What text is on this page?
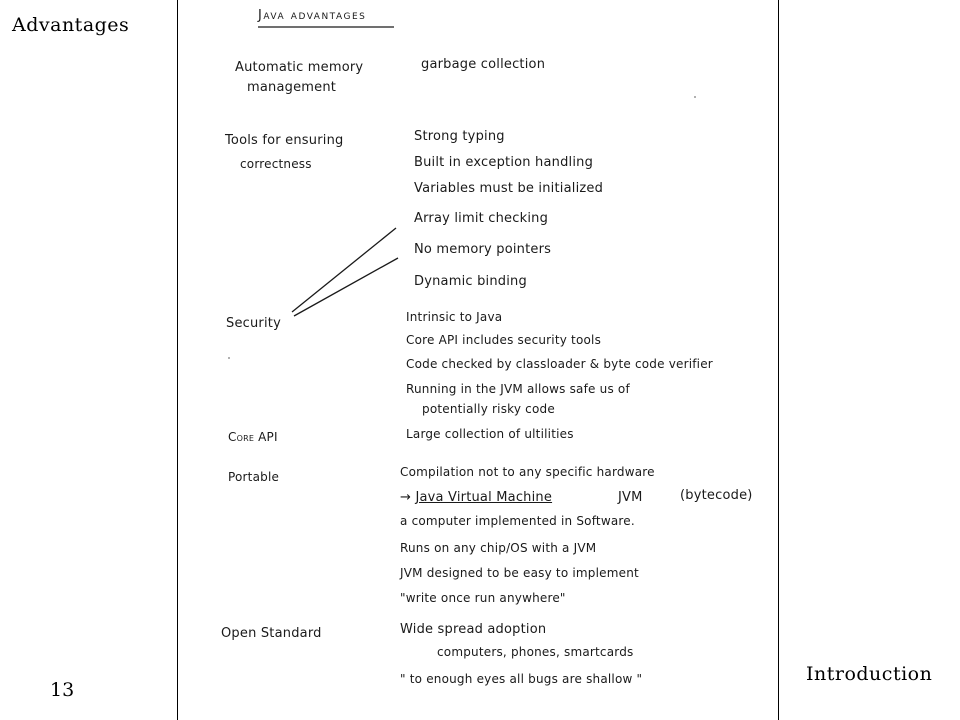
Advantages
13
Introduction
Java advantages
Automatic memory
management
garbage collection
Tools for ensuring
correctness
Strong typing
Built in exception handling
Variables must be initialized
Array limit checking
No memory pointers
Dynamic binding
Security	Intrinsic to Java
Core API includes security tools
Code checked by classloader & byte code verifier
Running in the JVM allows safe us of
potentially risky code
Core API	Large collection of ultilities
Portable	Compilation not to any specific hardware
→ Java Virtual Machine	JVM	(bytecode)
a computer implemented in Software.
Runs on any chip/OS with a JVM
JVM designed to be easy to implement
"write once run anywhere"
Open Standard	Wide spread adoption
computers, phones, smartcards
" to enough eyes all bugs are shallow "
